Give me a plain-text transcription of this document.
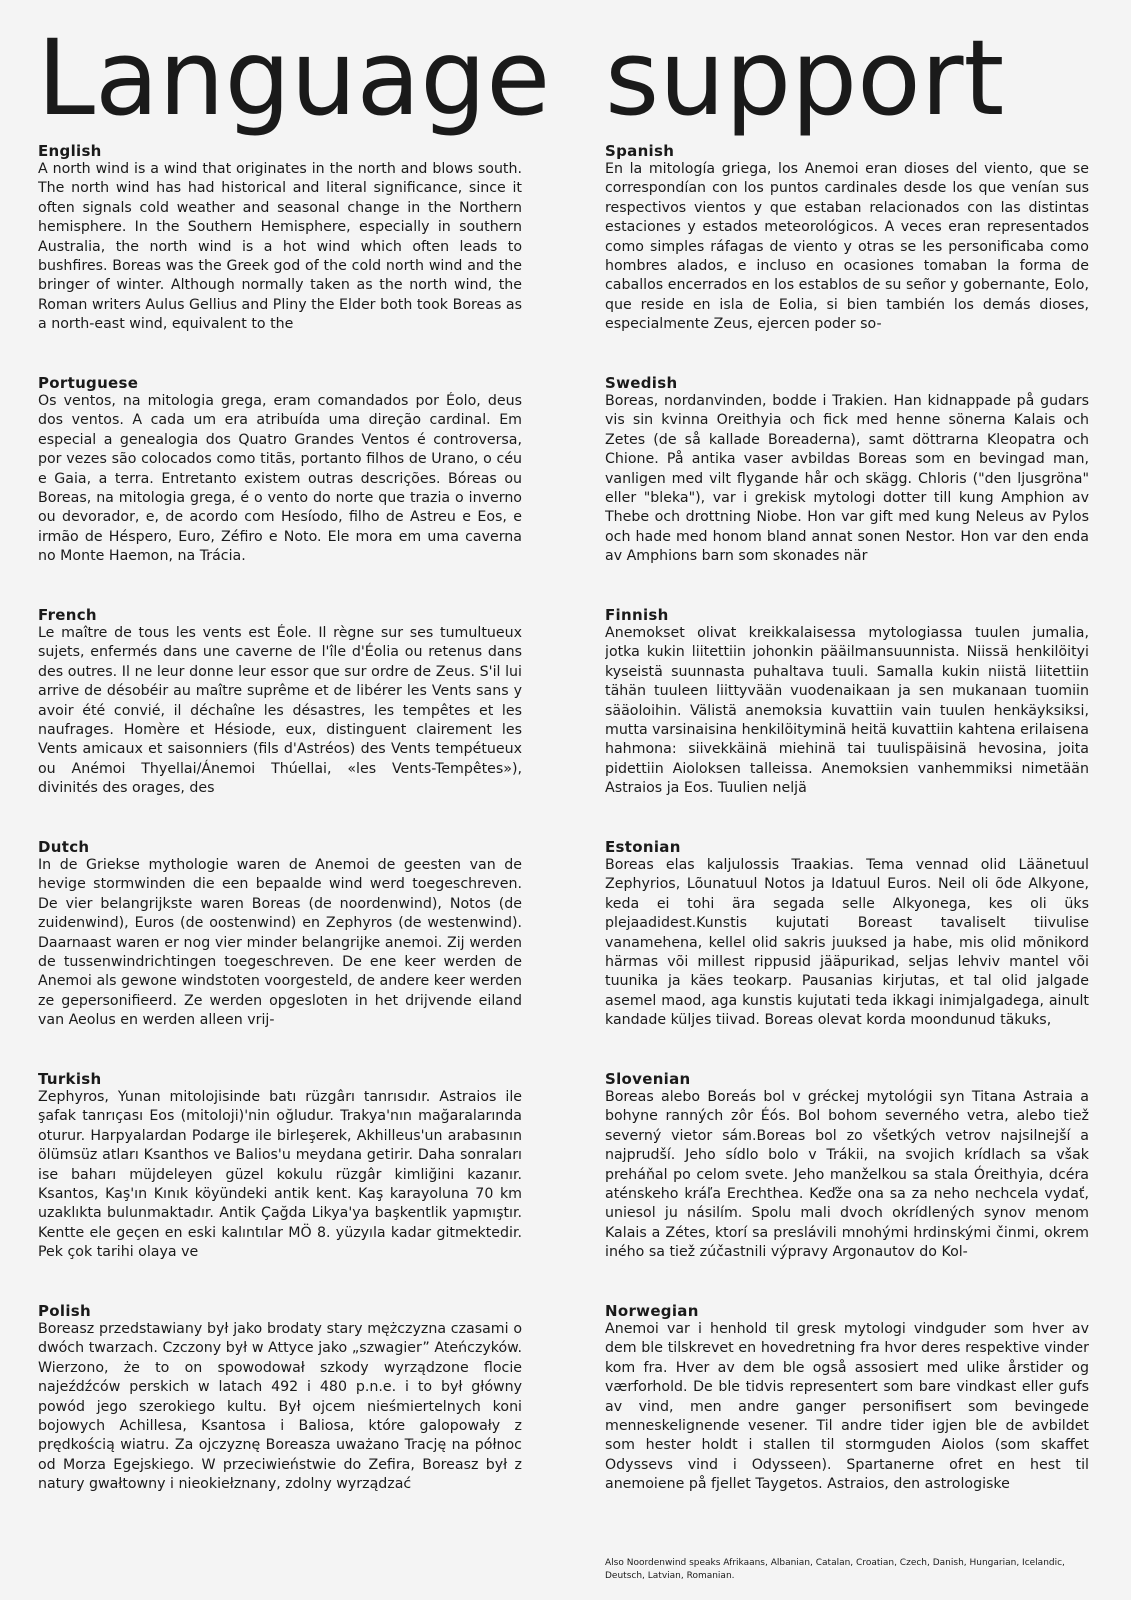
Language support

English

A north wind is a wind that originates in the north and blows south. The north wind has had historical and literal significance, since it often signals cold weather and seasonal change in the Northern hemisphere. In the Southern Hemisphere, especially in southern Australia, the north wind is a hot wind which often leads to bushfires. Boreas was the Greek god of the cold north wind and the bringer of winter. Although normally taken as the north wind, the Roman writers Aulus Gellius and Pliny the Elder both took Boreas as a north-east wind, equivalent to the

Portuguese

Os ventos, na mitologia grega, eram comandados por Éolo, deus dos ventos. A cada um era atribuída uma direção cardinal. Em especial a genealogia dos Quatro Grandes Ventos é controversa, por vezes são colocados como titãs, portanto filhos de Urano, o céu e Gaia, a terra. Entretanto existem outras descrições. Bóreas ou Boreas, na mitologia grega, é o vento do norte que trazia o inverno ou devorador, e, de acordo com Hesíodo, filho de Astreu e Eos, e irmão de Héspero, Euro, Zéfiro e Noto. Ele mora em uma caverna no Monte Haemon, na Trácia.

French

Le maître de tous les vents est Éole. Il règne sur ses tumultueux sujets, enfermés dans une caverne de l'île d'Éolia ou retenus dans des outres. Il ne leur donne leur essor que sur ordre de Zeus. S'il lui arrive de désobéir au maître suprême et de libérer les Vents sans y avoir été convié, il déchaîne les désastres, les tempêtes et les naufrages. Homère et Hésiode, eux, distinguent clairement les Vents amicaux et saisonniers (fils d'Astréos) des Vents tempétueux ou Anémoi Thyellai/Ánemoi Thúellai, «les Vents-Tempêtes»), divinités des orages, des

Dutch

In de Griekse mythologie waren de Anemoi de geesten van de hevige stormwinden die een bepaalde wind werd toegeschreven. De vier belangrijkste waren Boreas (de noordenwind), Notos (de zuidenwind), Euros (de oostenwind) en Zephyros (de westenwind). Daarnaast waren er nog vier minder belangrijke anemoi. Zij werden de tussenwindrichtingen toegeschreven. De ene keer werden de Anemoi als gewone windstoten voorgesteld, de andere keer werden ze gepersonifieerd. Ze werden opgesloten in het drijvende eiland van Aeolus en werden alleen vrij-

Turkish

Zephyros, Yunan mitolojisinde batı rüzgârı tanrısıdır. Astraios ile şafak tanrıçası Eos (mitoloji)'nin oğludur. Trakya'nın mağaralarında oturur. Harpyalardan Podarge ile birleşerek, Akhilleus'un arabasının ölümsüz atları Ksanthos ve Balios'u meydana getirir. Daha sonraları ise baharı müjdeleyen güzel kokulu rüzgâr kimliğini kazanır. Ksantos, Kaş'ın Kınık köyündeki antik kent. Kaş karayoluna 70 km uzaklıkta bulunmaktadır. Antik Çağda Likya'ya başkentlik yapmıştır. Kentte ele geçen en eski kalıntılar MÖ 8. yüzyıla kadar gitmektedir. Pek çok tarihi olaya ve

Polish

Boreasz przedstawiany był jako brodaty stary mężczyzna czasami o dwóch twarzach. Czczony był w Attyce jako „szwagier” Ateńczyków. Wierzono, że to on spowodował szkody wyrządzone flocie najeźdźców perskich w latach 492 i 480 p.n.e. i to był główny powód jego szerokiego kultu. Był ojcem nieśmiertelnych koni bojowych Achillesa, Ksantosa i Baliosa, które galopowały z prędkością wiatru. Za ojczyznę Boreasza uważano Trację na północ od Morza Egejskiego. W przeciwieństwie do Zefira, Boreasz był z natury gwałtowny i nieokiełznany, zdolny wyrządzać

Spanish

En la mitología griega, los Anemoi eran dioses del viento, que se correspondían con los puntos cardinales desde los que venían sus respectivos vientos y que estaban relacionados con las distintas estaciones y estados meteorológicos. A veces eran representados como simples ráfagas de viento y otras se les personificaba como hombres alados, e incluso en ocasiones tomaban la forma de caballos encerrados en los establos de su señor y gobernante, Eolo, que reside en isla de Eolia, si bien también los demás dioses, especialmente Zeus, ejercen poder so-

Swedish

Boreas, nordanvinden, bodde i Trakien. Han kidnappade på gudars vis sin kvinna Oreithyia och fick med henne sönerna Kalais och Zetes (de så kallade Boreaderna), samt döttrarna Kleopatra och Chione. På antika vaser avbildas Boreas som en bevingad man, vanligen med vilt flygande hår och skägg. Chloris ("den ljusgröna" eller "bleka"), var i grekisk mytologi dotter till kung Amphion av Thebe och drottning Niobe. Hon var gift med kung Neleus av Pylos och hade med honom bland annat sonen Nestor. Hon var den enda av Amphions barn som skonades när

Finnish

Anemokset olivat kreikkalaisessa mytologiassa tuulen jumalia, jotka kukin liitettiin johonkin pääilmansuunnista. Niissä henkilöityi kyseistä suunnasta puhaltava tuuli. Samalla kukin niistä liitettiin tähän tuuleen liittyvään vuodenaikaan ja sen mukanaan tuomiin sääoloihin. Välistä anemoksia kuvattiin vain tuulen henkäyksiksi, mutta varsinaisina henkilöityminä heitä kuvattiin kahtena erilaisena hahmona: siivekkäinä miehinä tai tuulispäisinä hevosina, joita pidettiin Aioloksen talleissa. Anemoksien vanhemmiksi nimetään Astraios ja Eos. Tuulien neljä

Estonian

Boreas elas kaljulossis Traakias. Tema vennad olid Läänetuul Zephyrios, Lõunatuul Notos ja Idatuul Euros. Neil oli õde Alkyone, keda ei tohi ära segada selle Alkyonega, kes oli üks plejaadidest.Kunstis kujutati Boreast tavaliselt tiivulise vanamehena, kellel olid sakris juuksed ja habe, mis olid mõnikord härmas või millest rippusid jääpurikad, seljas lehviv mantel või tuunika ja käes teokarp. Pausanias kirjutas, et tal olid jalgade asemel maod, aga kunstis kujutati teda ikkagi inimjalgadega, ainult kandade küljes tiivad. Boreas olevat korda moondunud täkuks,

Slovenian

Boreas alebo Boreás bol v gréckej mytológii syn Titana Astraia a bohyne ranných zôr Éós. Bol bohom severného vetra, alebo tiež severný vietor sám.Boreas bol zo všetkých vetrov najsilnejší a najprudší. Jeho sídlo bolo v Trákii, na svojich krídlach sa však preháňal po celom svete. Jeho manželkou sa stala Óreithyia, dcéra aténskeho kráľa Erechthea. Keďže ona sa za neho nechcela vydať, uniesol ju násilím. Spolu mali dvoch okrídlených synov menom Kalais a Zétes, ktorí sa preslávili mnohými hrdinskými činmi, okrem iného sa tiež zúčastnili výpravy Argonautov do Kol-

Norwegian

Anemoi var i henhold til gresk mytologi vindguder som hver av dem ble tilskrevet en hovedretning fra hvor deres respektive vinder kom fra. Hver av dem ble også assosiert med ulike årstider og værforhold. De ble tidvis representert som bare vindkast eller gufs av vind, men andre ganger personifisert som bevingede menneskelignende vesener. Til andre tider igjen ble de avbildet som hester holdt i stallen til stormguden Aiolos (som skaffet Odyssevs vind i Odysseen). Spartanerne ofret en hest til anemoiene på fjellet Taygetos. Astraios, den astrologiske

Also Noordenwind speaks Afrikaans, Albanian, Catalan, Croatian, Czech, Danish, Hungarian, Icelandic, Deutsch, Latvian, Romanian.
